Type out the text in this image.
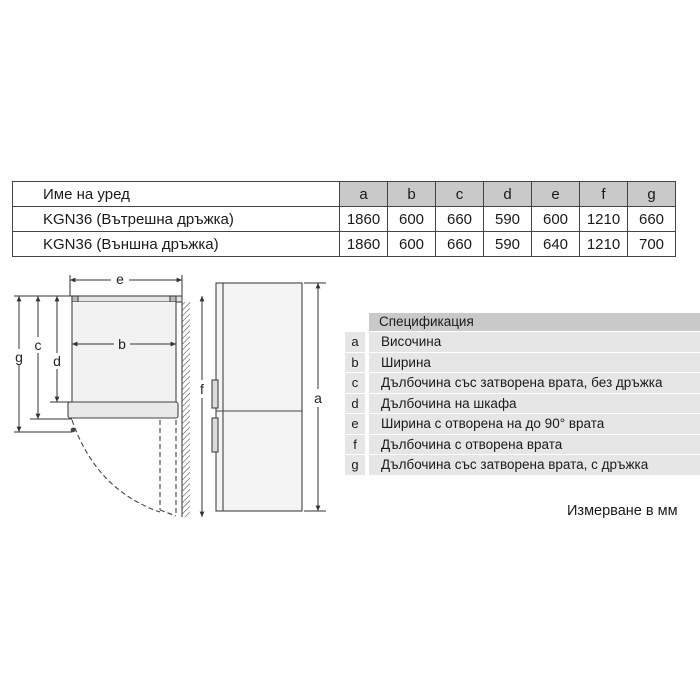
Име на уред	a	b	c	d	e	f	g
KGN36 (Вътрешна дръжка)	1860	600	660	590	600	1210	660
KGN36 (Външна дръжка)	1860	600	660	590	640	1210	700
e
b
g
c
d
f
a
Спецификация
a	Височина
b	Ширина
c	Дълбочина със затворена врата, без дръжка
d	Дълбочина на шкафа
e	Ширина с отворена на до 90° врата
f	Дълбочина с отворена врата
g	Дълбочина със затворена врата, с дръжка
Измерване в мм
